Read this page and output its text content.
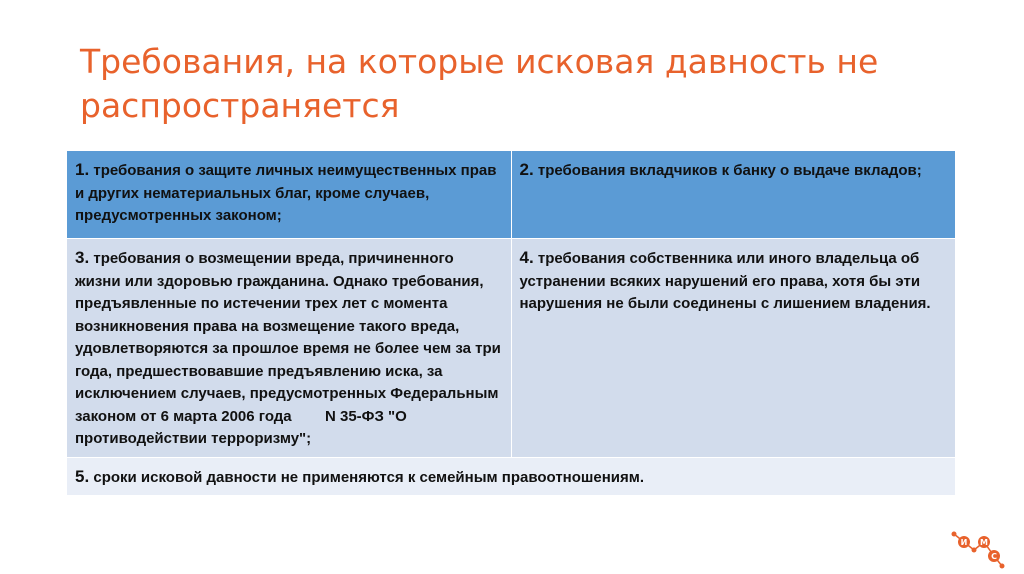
Требования, на которые исковая давность не распространяется
1. требования о защите личных неимущественных прав и других нематериальных благ, кроме случаев, предусмотренных законом;	2. требования вкладчиков к банку о выдаче вкладов;
3. требования о возмещении вреда, причиненного жизни или здоровью гражданина. Однако требования, предъявленные по истечении трех лет с момента возникновения права на возмещение такого вреда, удовлетворяются за прошлое время не более чем за три года, предшествовавшие предъявлению иска, за исключением случаев, предусмотренных Федеральным законом от 6 марта 2006 года        N 35-ФЗ "О противодействии терроризму";	4. требования собственника или иного владельца об устранении всяких нарушений его права, хотя бы эти нарушения не были соединены с лишением владения.
5. сроки исковой давности не применяются к семейным правоотношениям.	
И М
С
